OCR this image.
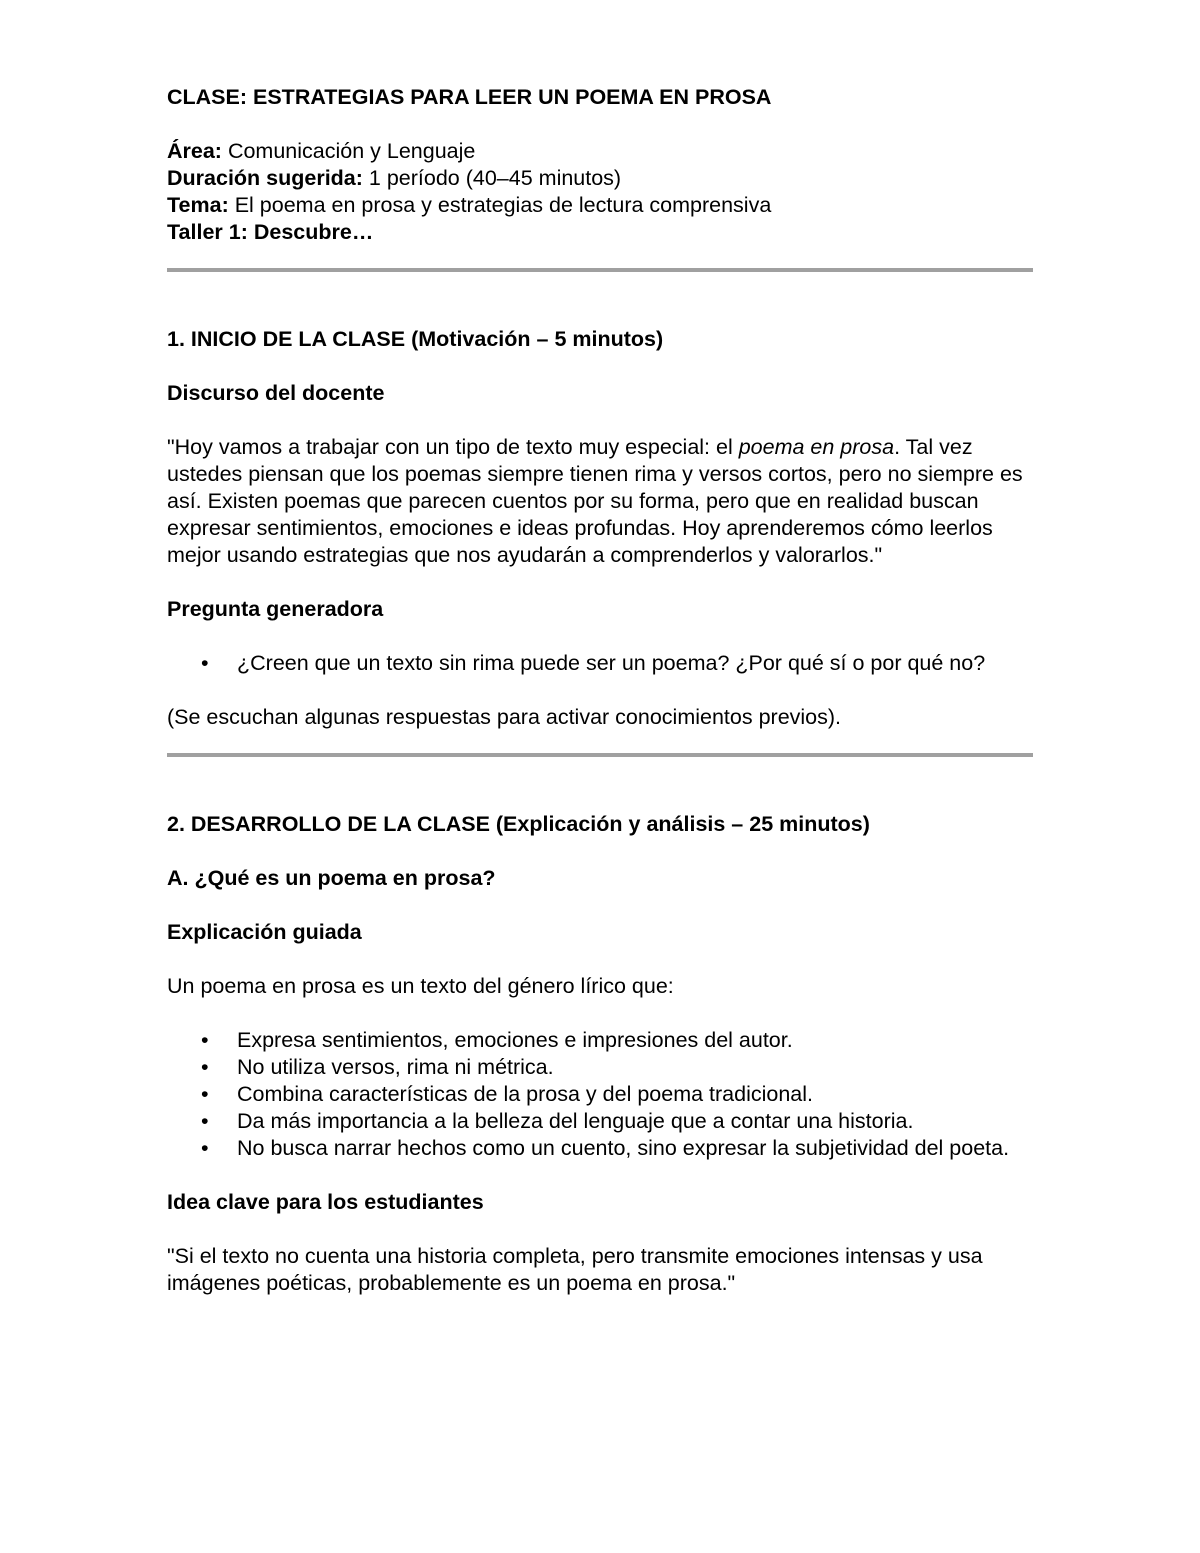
CLASE: ESTRATEGIAS PARA LEER UN POEMA EN PROSA

Área: Comunicación y Lenguaje

Duración sugerida: 1 período (40–45 minutos)

Tema: El poema en prosa y estrategias de lectura comprensiva

Taller 1: Descubre…

1. INICIO DE LA CLASE (Motivación – 5 minutos)

Discurso del docente

"Hoy vamos a trabajar con un tipo de texto muy especial: el poema en prosa. Tal vez ustedes piensan que los poemas siempre tienen rima y versos cortos, pero no siempre es así. Existen poemas que parecen cuentos por su forma, pero que en realidad buscan expresar sentimientos, emociones e ideas profundas. Hoy aprenderemos cómo leerlos mejor usando estrategias que nos ayudarán a comprenderlos y valorarlos."

Pregunta generadora

• ¿Creen que un texto sin rima puede ser un poema? ¿Por qué sí o por qué no?

(Se escuchan algunas respuestas para activar conocimientos previos).

2. DESARROLLO DE LA CLASE (Explicación y análisis – 25 minutos)

A. ¿Qué es un poema en prosa?

Explicación guiada

Un poema en prosa es un texto del género lírico que:

• Expresa sentimientos, emociones e impresiones del autor.
• No utiliza versos, rima ni métrica.
• Combina características de la prosa y del poema tradicional.
• Da más importancia a la belleza del lenguaje que a contar una historia.
• No busca narrar hechos como un cuento, sino expresar la subjetividad del poeta.

Idea clave para los estudiantes

"Si el texto no cuenta una historia completa, pero transmite emociones intensas y usa imágenes poéticas, probablemente es un poema en prosa."
